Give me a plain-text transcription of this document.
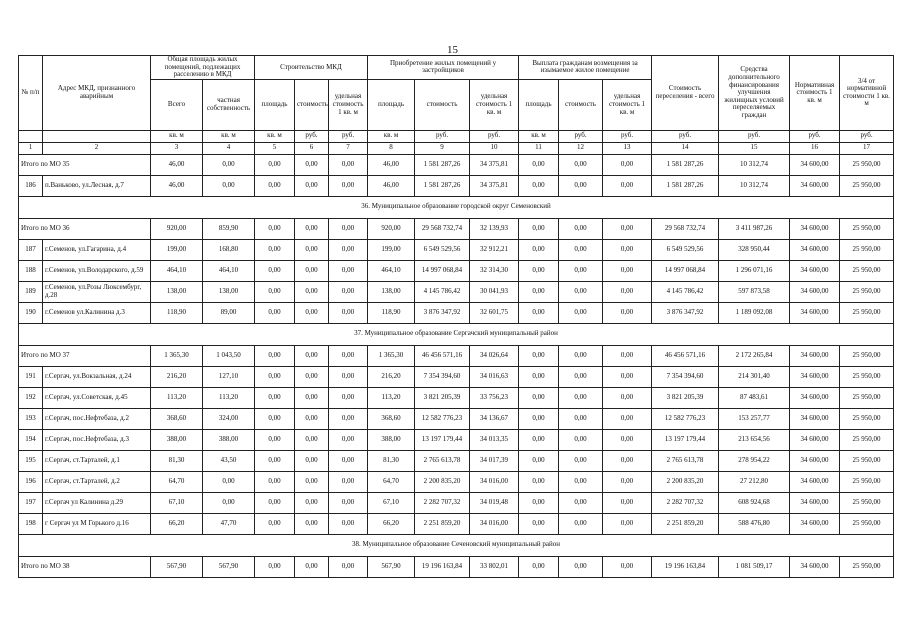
15
№ п/п	Адрес МКД, признанного аварийным	Общая площадь жилых помещений, подлежащих расселению в МКД		Строительство МКД			Приобретение жилых помещений у застройщиков			Выплата гражданам возмещения за изымаемое жилое помещение			Стоимость переселения - всего	Средства дополнительного финансирования улучшения жилищных условий переселяемых граждан	Нормативная стоимость 1 кв. м	3/4 от нормативной стоимости 1 кв. м
		Всего	частная собственность	площадь	стоимость	удельная стоимость 1 кв. м	площадь	стоимость	удельная стоимость 1 кв. м	площадь	стоимость	удельная стоимость 1 кв. м				
		кв. м	кв. м	кв. м	руб.	руб.	кв. м	руб.	руб.	кв. м	руб.	руб.	руб.	руб.	руб.	руб.
1	2	3	4	5	6	7	8	9	10	11	12	13	14	15	16	17
Итого по МО 35		46,00	0,00	0,00	0,00	0,00	46,00	1 581 287,26	34 375,81	0,00	0,00	0,00	1 581 287,26	10 312,74	34 600,00	25 950,00
186	п.Ваньково, ул.Лесная, д.7	46,00	0,00	0,00	0,00	0,00	46,00	1 581 287,26	34 375,81	0,00	0,00	0,00	1 581 287,26	10 312,74	34 600,00	25 950,00
36. Муниципальное образование городской округ Семеновский																
Итого по МО 36		920,00	859,90	0,00	0,00	0,00	920,00	29 568 732,74	32 139,93	0,00	0,00	0,00	29 568 732,74	3 411 987,26	34 600,00	25 950,00
187	г.Семенов, ул.Гагарина, д.4	199,00	168,80	0,00	0,00	0,00	199,00	6 549 529,56	32 912,21	0,00	0,00	0,00	6 549 529,56	328 950,44	34 600,00	25 950,00
188	г.Семенов, ул.Володарского, д.59	464,10	464,10	0,00	0,00	0,00	464,10	14 997 068,84	32 314,30	0,00	0,00	0,00	14 997 068,84	1 296 071,16	34 600,00	25 950,00
189	г.Семенов, ул.Розы Люксембург, д.28	138,00	138,00	0,00	0,00	0,00	138,00	4 145 786,42	30 041,93	0,00	0,00	0,00	4 145 786,42	597 873,58	34 600,00	25 950,00
190	г.Семенов ул.Калинина д.3	118,90	89,00	0,00	0,00	0,00	118,90	3 876 347,92	32 601,75	0,00	0,00	0,00	3 876 347,92	1 189 092,08	34 600,00	25 950,00
37. Муниципальное образование Сергачский муниципальный район																
Итого по МО 37		1 365,30	1 043,50	0,00	0,00	0,00	1 365,30	46 456 571,16	34 026,64	0,00	0,00	0,00	46 456 571,16	2 172 265,84	34 600,00	25 950,00
191	г.Сергач, ул.Вокзальная, д.24	216,20	127,10	0,00	0,00	0,00	216,20	7 354 394,60	34 016,63	0,00	0,00	0,00	7 354 394,60	214 301,40	34 600,00	25 950,00
192	г.Сергач, ул.Советская, д.45	113,20	113,20	0,00	0,00	0,00	113,20	3 821 205,39	33 756,23	0,00	0,00	0,00	3 821 205,39	87 483,61	34 600,00	25 950,00
193	г.Сергач, пос.Нефтебаза, д.2	368,60	324,00	0,00	0,00	0,00	368,60	12 582 776,23	34 136,67	0,00	0,00	0,00	12 582 776,23	153 257,77	34 600,00	25 950,00
194	г.Сергач, пос.Нефтебаза, д.3	388,00	388,00	0,00	0,00	0,00	388,00	13 197 179,44	34 013,35	0,00	0,00	0,00	13 197 179,44	213 654,56	34 600,00	25 950,00
195	г.Сергач, ст.Тарталей, д.1	81,30	43,50	0,00	0,00	0,00	81,30	2 765 613,78	34 017,39	0,00	0,00	0,00	2 765 613,78	278 954,22	34 600,00	25 950,00
196	г.Сергач, ст.Тарталей, д.2	64,70	0,00	0,00	0,00	0,00	64,70	2 200 835,20	34 016,00	0,00	0,00	0,00	2 200 835,20	27 212,80	34 600,00	25 950,00
197	г.Сергач ул Калинина д.29	67,10	0,00	0,00	0,00	0,00	67,10	2 282 707,32	34 019,48	0,00	0,00	0,00	2 282 707,32	608 924,68	34 600,00	25 950,00
198	г Сергач ул М Горького д.16	66,20	47,70	0,00	0,00	0,00	66,20	2 251 859,20	34 016,00	0,00	0,00	0,00	2 251 859,20	588 476,80	34 600,00	25 950,00
38. Муниципальное образование Сеченовский муниципальный район																
Итого по МО 38		567,90	567,90	0,00	0,00	0,00	567,90	19 196 163,84	33 802,01	0,00	0,00	0,00	19 196 163,84	1 081 509,17	34 600,00	25 950,00
